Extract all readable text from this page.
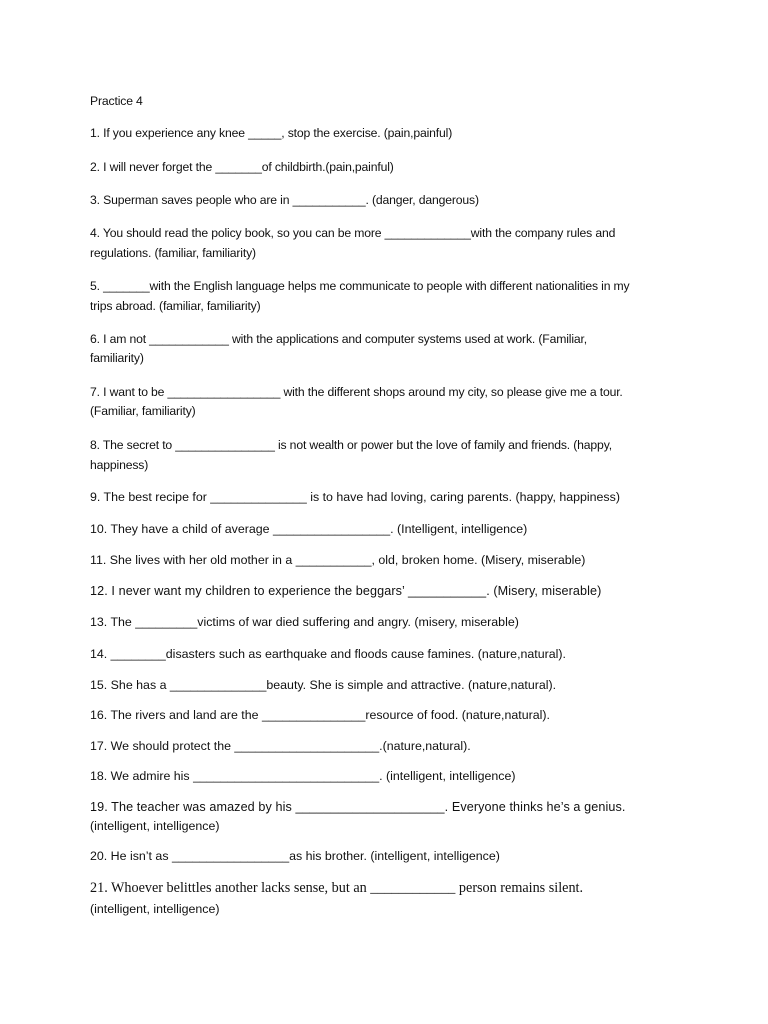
Practice 4
1. If you experience any knee _____, stop the exercise. (pain,painful)
2. I will never forget the _______of childbirth.(pain,painful)
3. Superman saves people who are in ___________. (danger, dangerous)
4. You should read the policy book, so you can be more _____________with the company rules and
regulations. (familiar, familiarity)
5. _______with the English language helps me communicate to people with different nationalities in my
trips abroad. (familiar, familiarity)
6. I am not ____________ with the applications and computer systems used at work. (Familiar,
familiarity)
7. I want to be _________________ with the different shops around my city, so please give me a tour.
(Familiar, familiarity)
8. The secret to _______________ is not wealth or power but the love of family and friends. (happy,
happiness)
9. The best recipe for ______________ is to have had loving, caring parents. (happy, happiness)
10. They have a child of average _________________. (Intelligent, intelligence)
11. She lives with her old mother in a ___________, old, broken home. (Misery, miserable)
12. I never want my children to experience the beggars’ ___________. (Misery, miserable)
13. The _________victims of war died suffering and angry. (misery, miserable)
14. ________disasters such as earthquake and floods cause famines. (nature,natural).
15. She has a ______________beauty. She is simple and attractive. (nature,natural).
16. The rivers and land are the _______________resource of food. (nature,natural).
17. We should protect the _____________________.(nature,natural).
18. We admire his ___________________________. (intelligent, intelligence)
19. The teacher was amazed by his _____________________. Everyone thinks he’s a genius.
(intelligent, intelligence)
20. He isn’t as _________________as his brother. (intelligent, intelligence)
21. Whoever belittles another lacks sense, but an ____________ person remains silent.
(intelligent, intelligence)
